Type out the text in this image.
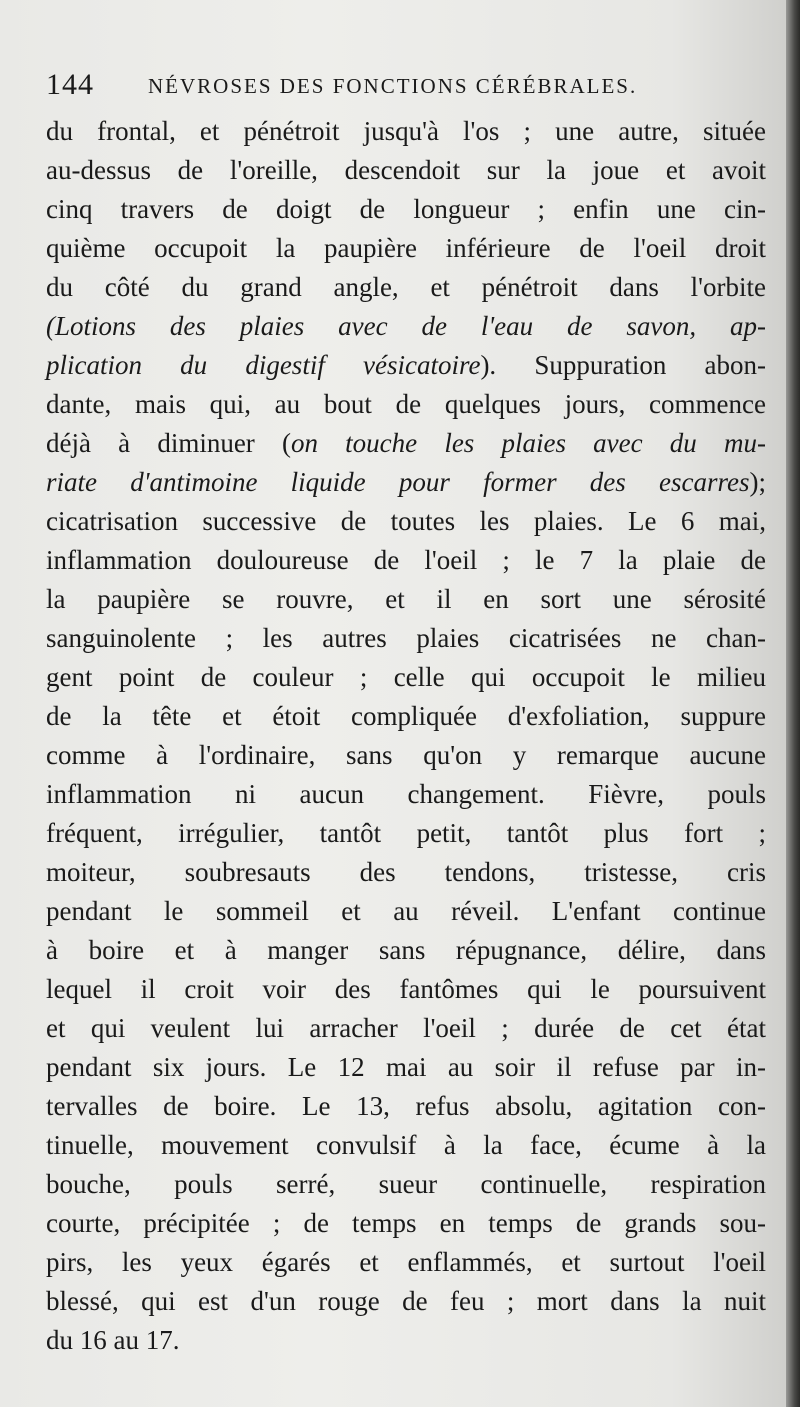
144	NÉVROSES DES FONCTIONS CÉRÉBRALES.
du frontal, et pénétroit jusqu'à l'os ; une autre, située
au-dessus de l'oreille, descendoit sur la joue et avoit
cinq travers de doigt de longueur ; enfin une cin-
quième occupoit la paupière inférieure de l'oeil droit
du côté du grand angle, et pénétroit dans l'orbite
(Lotions des plaies avec de l'eau de savon, ap-
plication du digestif vésicatoire). Suppuration abon-
dante, mais qui, au bout de quelques jours, commence
déjà à diminuer (on touche les plaies avec du mu-
riate d'antimoine liquide pour former des escarres);
cicatrisation successive de toutes les plaies. Le 6 mai,
inflammation douloureuse de l'oeil ; le 7 la plaie de
la paupière se rouvre, et il en sort une sérosité
sanguinolente ; les autres plaies cicatrisées ne chan-
gent point de couleur ; celle qui occupoit le milieu
de la tête et étoit compliquée d'exfoliation, suppure
comme à l'ordinaire, sans qu'on y remarque aucune
inflammation ni aucun changement. Fièvre, pouls
fréquent, irrégulier, tantôt petit, tantôt plus fort ;
moiteur, soubresauts des tendons, tristesse, cris
pendant le sommeil et au réveil. L'enfant continue
à boire et à manger sans répugnance, délire, dans
lequel il croit voir des fantômes qui le poursuivent
et qui veulent lui arracher l'oeil ; durée de cet état
pendant six jours. Le 12 mai au soir il refuse par in-
tervalles de boire. Le 13, refus absolu, agitation con-
tinuelle, mouvement convulsif à la face, écume à la
bouche, pouls serré, sueur continuelle, respiration
courte, précipitée ; de temps en temps de grands sou-
pirs, les yeux égarés et enflammés, et surtout l'oeil
blessé, qui est d'un rouge de feu ; mort dans la nuit
du 16 au 17.
